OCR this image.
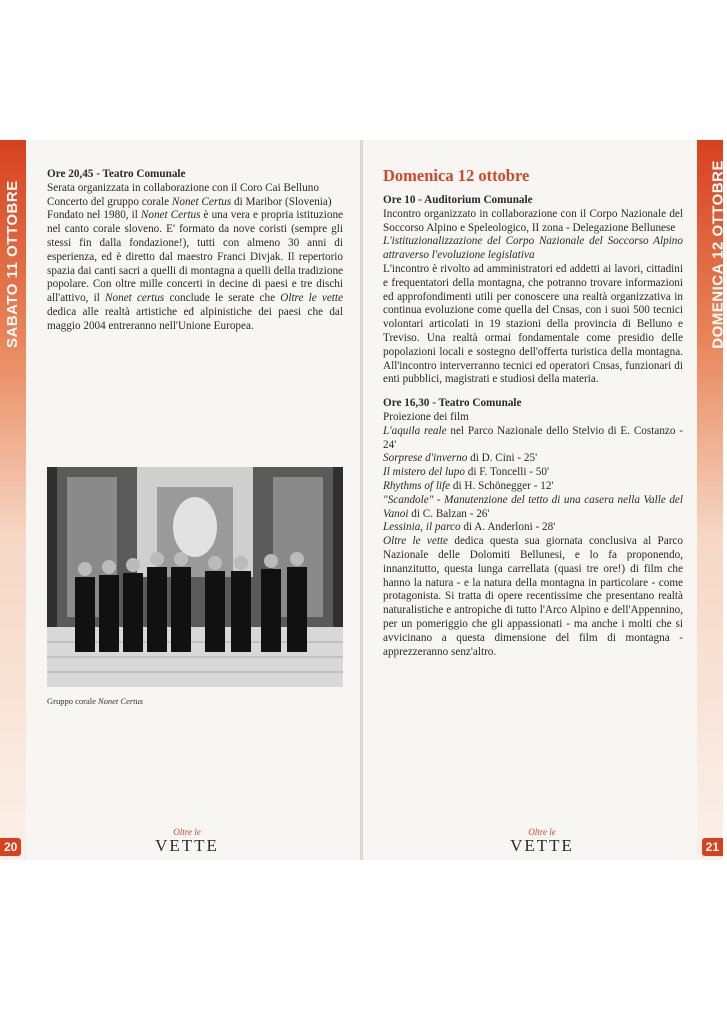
SABATO 11 OTTOBRE

Ore 20,45 - Teatro Comunale

Serata organizzata in collaborazione con il Coro Cai Belluno

Concerto del gruppo corale Nonet Certus di Maribor (Slovenia)

Fondato nel 1980, il Nonet Certus è una vera e propria istituzione nel canto corale sloveno. E' formato da nove coristi (sempre gli stessi fin dalla fondazione!), tutti con almeno 30 anni di esperienza, ed è diretto dal maestro Franci Divjak. Il repertorio spazia dai canti sacri a quelli di montagna a quelli della tradizione popolare. Con oltre mille concerti in decine di paesi e tre dischi all'attivo, il Nonet certus conclude le serate che Oltre le vette dedica alle realtà artistiche ed alpinistiche dei paesi che dal maggio 2004 entreranno nell'Unione Europea.

Gruppo corale Nonet Certus
Oltre le
VETTE
20
DOMENICA 12 OTTOBRE
Domenica 12 ottobre

Ore 10 - Auditorium Comunale

Incontro organizzato in collaborazione con il Corpo Nazionale del Soccorso Alpino e Speleologico, II zona - Delegazione Bellunese

L'istituzionalizzazione del Corpo Nazionale del Soccorso Alpino attraverso l'evoluzione legislativa

L'incontro è rivolto ad amministratori ed addetti ai lavori, cittadini e frequentatori della montagna, che potranno trovare informazioni ed approfondimenti utili per conoscere una realtà organizzativa in continua evoluzione come quella del Cnsas, con i suoi 500 tecnici volontari articolati in 19 stazioni della provincia di Belluno e Treviso. Una realtà ormai fondamentale come presidio delle popolazioni locali e sostegno dell'offerta turistica della montagna. All'incontro interverranno tecnici ed operatori Cnsas, funzionari di enti pubblici, magistrati e studiosi della materia.

Ore 16,30 - Teatro Comunale

Proiezione dei film

L'aquila reale nel Parco Nazionale dello Stelvio di E. Costanzo - 24'

Sorprese d'inverno di D. Cini - 25'

Il mistero del lupo di F. Toncelli - 50'

Rhythms of life di H. Schönegger - 12'

"Scandole" - Manutenzione del tetto di una casera nella Valle del Vanoi di C. Balzan - 26'

Lessinia, il parco di A. Anderloni - 28'

Oltre le vette dedica questa sua giornata conclusiva al Parco Nazionale delle Dolomiti Bellunesi, e lo fa proponendo, innanzitutto, questa lunga carrellata (quasi tre ore!) di film che hanno la natura - e la natura della montagna in particolare - come protagonista. Si tratta di opere recentissime che presentano realtà naturalistiche e antropiche di tutto l'Arco Alpino e dell'Appennino, per un pomeriggio che gli appassionati - ma anche i molti che si avvicinano a questa dimensione del film di montagna - apprezzeranno senz'altro.

Oltre le
VETTE	21
